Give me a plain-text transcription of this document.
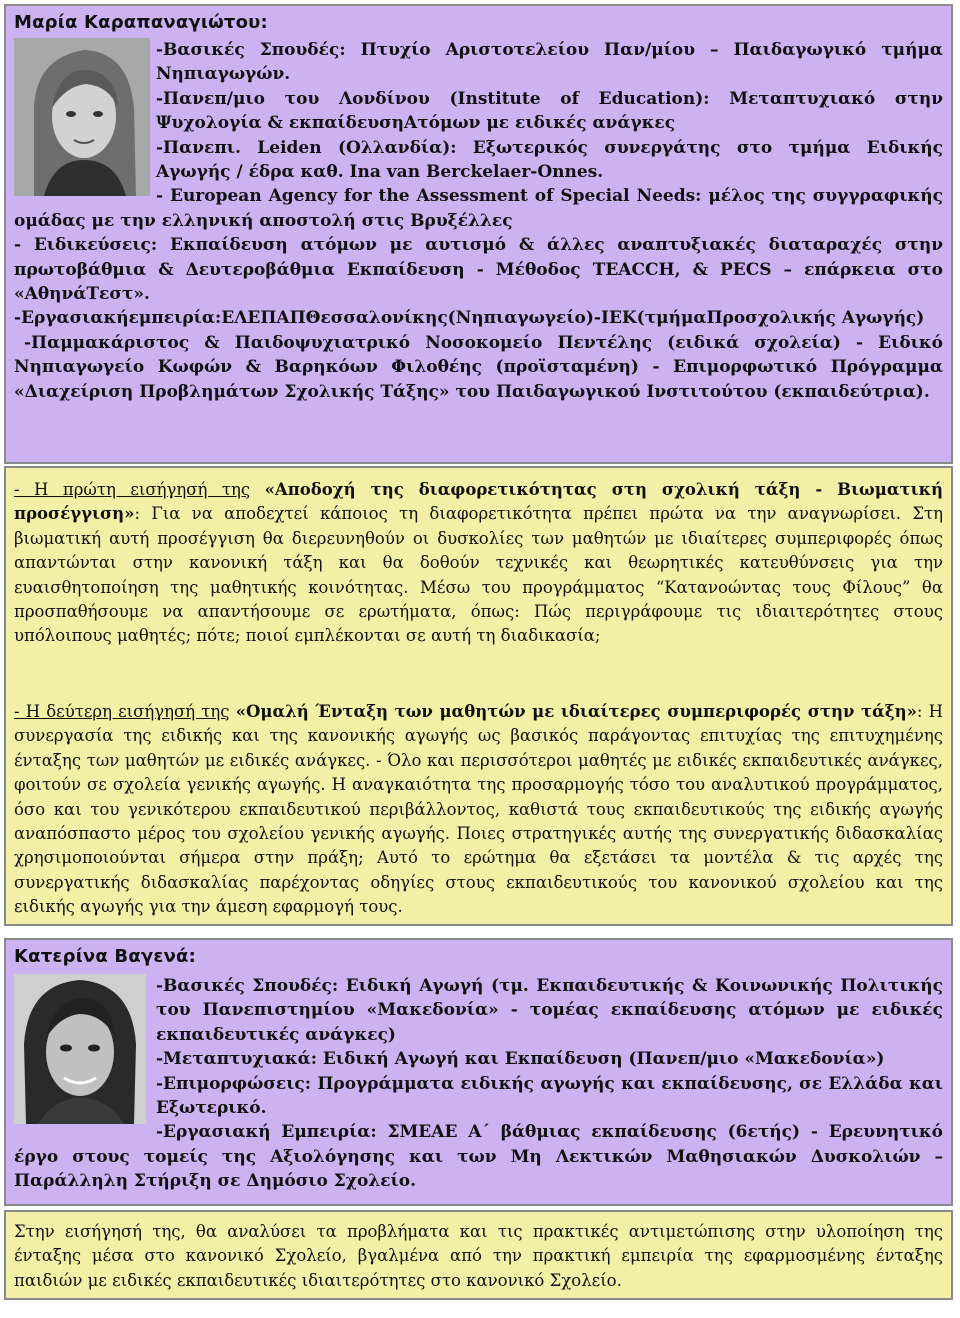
Μαρία Καραπαναγιώτου:

-Βασικές Σπουδές: Πτυχίο Αριστοτελείου Παν/μίου – Παιδαγωγικό τμήμα Νηπιαγωγών.

-Πανεπ/μιο του Λονδίνου (Institute of Education): Μεταπτυχιακό στην Ψυχολογία & εκπαίδευσηΑτόμων με ειδικές ανάγκες

-Πανεπι. Leiden (Ολλανδία): Εξωτερικός συνεργάτης στο τμήμα Ειδικής Αγωγής / έδρα καθ. Ina van Berckelaer-Onnes.

- European Agency for the Assessment of Special Needs: μέλος της συγγραφικής ομάδας με την ελληνική αποστολή στις Βρυξέλλες

- Ειδικεύσεις: Εκπαίδευση ατόμων με αυτισμό & άλλες αναπτυξιακές διαταραχές στην πρωτοβάθμια & Δευτεροβάθμια Εκπαίδευση - Μέθοδος TEACCH, & PECS – επάρκεια στο «ΑθηνάΤεστ».

-Εργασιακήεμπειρία:ΕΛΕΠΑΠΘεσσαλονίκης(Νηπιαγωγείο)-ΙΕΚ(τμήμαΠροσχολικής Αγωγής)

-Παμμακάριστος & Παιδοψυχιατρικό Νοσοκομείο Πεντέλης (ειδικά σχολεία) - Ειδικό Νηπιαγωγείο Κωφών & Βαρηκόων Φιλοθέης (προϊσταμένη) - Επιμορφωτικό Πρόγραμμα «Διαχείριση Προβλημάτων Σχολικής Τάξης» του Παιδαγωγικού Ινστιτούτου (εκπαιδεύτρια).

- Η πρώτη εισήγησή της «Αποδοχή της διαφορετικότητας στη σχολική τάξη - Βιωματική προσέγγιση»: Για να αποδεχτεί κάποιος τη διαφορετικότητα πρέπει πρώτα να την αναγνωρίσει. Στη βιωματική αυτή προσέγγιση θα διερευνηθούν οι δυσκολίες των μαθητών με ιδιαίτερες συμπεριφορές όπως απαντώνται στην κανονική τάξη και θα δοθούν τεχνικές και θεωρητικές κατευθύνσεις για την ευαισθητοποίηση της μαθητικής κοινότητας. Μέσω του προγράμματος “Κατανοώντας τους Φίλους” θα προσπαθήσουμε να απαντήσουμε σε ερωτήματα, όπως: Πώς περιγράφουμε τις ιδιαιτερότητες στους υπόλοιπους μαθητές; πότε; ποιοί εμπλέκονται σε αυτή τη διαδικασία;

- Η δεύτερη εισήγησή της «Ομαλή Ένταξη των μαθητών με ιδιαίτερες συμπεριφορές στην τάξη»: Η συνεργασία της ειδικής και της κανονικής αγωγής ως βασικός παράγοντας επιτυχίας της επιτυχημένης ένταξης των μαθητών με ειδικές ανάγκες. - Όλο και περισσότεροι μαθητές με ειδικές εκπαιδευτικές ανάγκες, φοιτούν σε σχολεία γενικής αγωγής. Η αναγκαιότητα της προσαρμογής τόσο του αναλυτικού προγράμματος, όσο και του γενικότερου εκπαιδευτικού περιβάλλοντος, καθιστά τους εκπαιδευτικούς της ειδικής αγωγής αναπόσπαστο μέρος του σχολείου γενικής αγωγής. Ποιες στρατηγικές αυτής της συνεργατικής διδασκαλίας χρησιμοποιούνται σήμερα στην πράξη; Αυτό το ερώτημα θα εξετάσει τα μοντέλα & τις αρχές της συνεργατικής διδασκαλίας παρέχοντας οδηγίες στους εκπαιδευτικούς του κανονικού σχολείου και της ειδικής αγωγής για την άμεση εφαρμογή τους.

Κατερίνα Βαγενά:

-Βασικές Σπουδές: Ειδική Αγωγή (τμ. Εκπαιδευτικής & Κοινωνικής Πολιτικής του Πανεπιστημίου «Μακεδονία» - τομέας εκπαίδευσης ατόμων με ειδικές εκπαιδευτικές ανάγκες)

-Μεταπτυχιακά: Ειδική Αγωγή και Εκπαίδευση (Πανεπ/μιο «Μακεδονία»)

-Επιμορφώσεις: Προγράμματα ειδικής αγωγής και εκπαίδευσης, σε Ελλάδα και Εξωτερικό.

-Εργασιακή Εμπειρία: ΣΜΕΑΕ Α΄ βάθμιας εκπαίδευσης (6ετής) - Ερευνητικό έργο στους τομείς της Αξιολόγησης και των Μη Λεκτικών Μαθησιακών Δυσκολιών – Παράλληλη Στήριξη σε Δημόσιο Σχολείο.

Στην εισήγησή της, θα αναλύσει τα προβλήματα και τις πρακτικές αντιμετώπισης στην υλοποίηση της ένταξης μέσα στο κανονικό Σχολείο, βγαλμένα από την πρακτική εμπειρία της εφαρμοσμένης ένταξης παιδιών με ειδικές εκπαιδευτικές ιδιαιτερότητες στο κανονικό Σχολείο.
